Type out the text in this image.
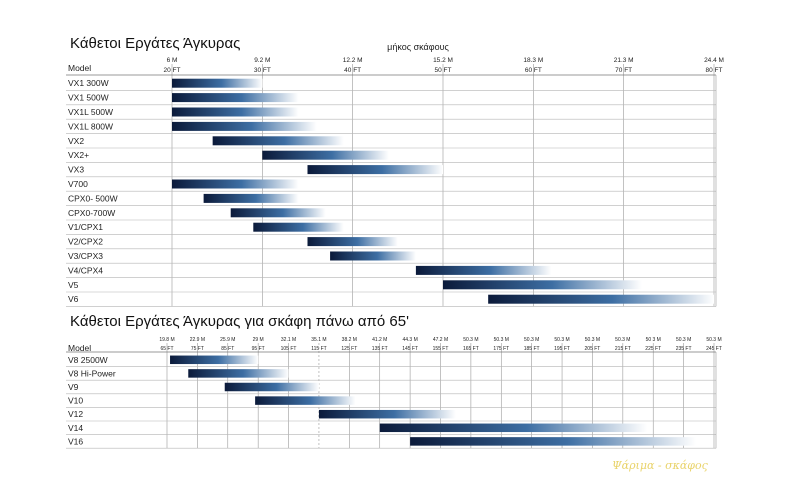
Κάθετοι Εργάτες Άγκυρας	μήκος σκάφους
Model
6 M
20 FT
9.2 M
30 FT
12.2 M
40 FT
15.2 M
50 FT
18.3 M
60 FT
21.3 M
70 FT
24.4 M
80 FT
VX1 300W
VX1 500W
VX1L 500W
VX1L 800W
VX2
VX2+
VX3
V700
CPX0- 500W
CPX0-700W
V1/CPX1
V2/CPX2
V3/CPX3
V4/CPX4
V5
V6
Κάθετοι Εργάτες Άγκυρας για σκάφη πάνω από 65'
Model
19.8 M
65 FT
22.9 M
75 FT
25.9 M
85 FT
29 M
95 FT
32.1 M
105 FT
35.1 M
115 FT
38.2 M
125 FT
41.2 M
135 FT
44.3 M
145 FT
47.2 M
155 FT
50.3 M
165 FT
50.3 M
175 FT
50.3 M
185 FT
50.3 M
195 FT
50.3 M
205 FT
50.3 M
215 FT
50 3 M
225 FT
50.3 M
235 FT
50.3 M
245 FT
V8 2500W
V8 Hi-Power
V9
V10
V12
V14
V16
Ψάριμα - σκάφος
